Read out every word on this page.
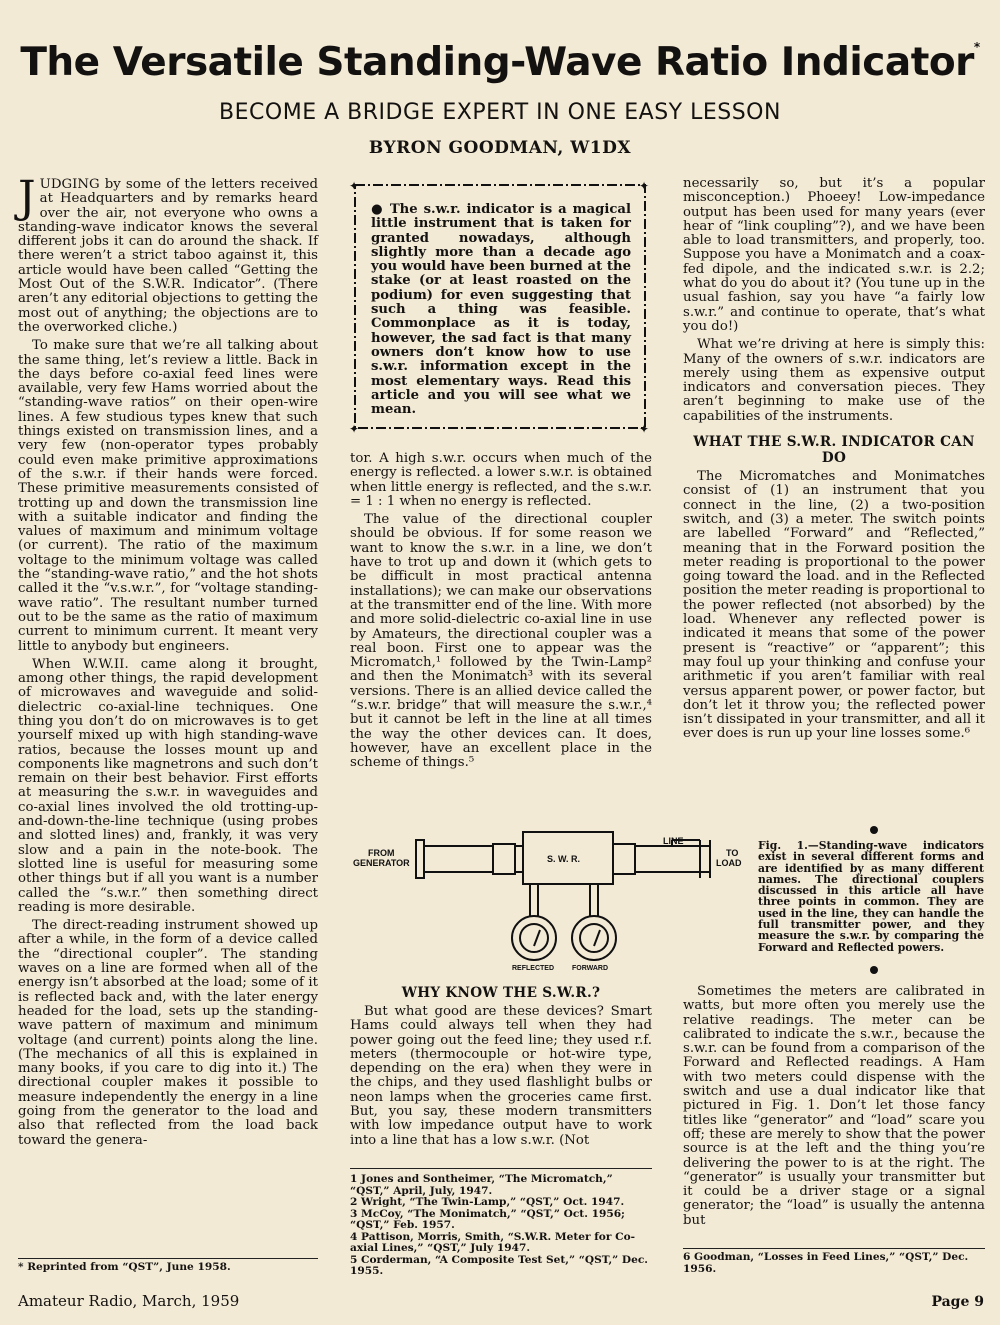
The Versatile Standing-Wave Ratio Indicator*
BECOME A BRIDGE EXPERT IN ONE EASY LESSON
BYRON GOODMAN, W1DX

JUDGING by some of the letters received at Headquarters and by remarks heard over the air, not everyone who owns a standing-wave indicator knows the several different jobs it can do around the shack. If there weren’t a strict taboo against it, this article would have been called “Getting the Most Out of the S.W.R. Indicator”. (There aren’t any editorial objections to getting the most out of anything; the objections are to the overworked cliche.)

To make sure that we’re all talking about the same thing, let’s review a little. Back in the days before co-axial feed lines were available, very few Hams worried about the “standing-wave ratios” on their open-wire lines. A few studious types knew that such things existed on transmission lines, and a very few (non-operator types probably could even make primitive approximations of the s.w.r. if their hands were forced. These primitive measurements consisted of trotting up and down the transmission line with a suitable indicator and finding the values of maximum and minimum voltage (or current). The ratio of the maximum voltage to the minimum voltage was called the “standing-wave ratio,” and the hot shots called it the “v.s.w.r.”, for “voltage standing-wave ratio”. The resultant number turned out to be the same as the ratio of maximum current to minimum current. It meant very little to anybody but engineers.

When W.W.II. came along it brought, among other things, the rapid development of microwaves and waveguide and solid-dielectric co-axial-line techniques. One thing you don’t do on microwaves is to get yourself mixed up with high standing-wave ratios, because the losses mount up and components like magnetrons and such don’t remain on their best behavior. First efforts at measuring the s.w.r. in waveguides and co-axial lines involved the old trotting-up-and-down-the-line technique (using probes and slotted lines) and, frankly, it was very slow and a pain in the note-book. The slotted line is useful for measuring some other things but if all you want is a number called the “s.w.r.” then something direct reading is more desirable.

The direct-reading instrument showed up after a while, in the form of a device called the “directional coupler”. The standing waves on a line are formed when all of the energy isn’t absorbed at the load; some of it is reflected back and, with the later energy headed for the load, sets up the standing-wave pattern of maximum and minimum voltage (and current) points along the line. (The mechanics of all this is explained in many books, if you care to dig into it.) The directional coupler makes it possible to measure independently the energy in a line going from the generator to the load and also that reflected from the load back toward the genera-

✦	✦
✦	✦
● The s.w.r. indicator is a magical little instrument that is taken for granted nowadays, although slightly more than a decade ago you would have been burned at the stake (or at least roasted on the podium) for even suggesting that such a thing was feasible. Commonplace as it is today, however, the sad fact is that many owners don’t know how to use s.w.r. information except in the most elementary ways. Read this article and you will see what we mean.

tor. A high s.w.r. occurs when much of the energy is reflected. a lower s.w.r. is obtained when little energy is reflected, and the s.w.r. = 1 : 1 when no energy is reflected.

The value of the directional coupler should be obvious. If for some reason we want to know the s.w.r. in a line, we don’t have to trot up and down it (which gets to be difficult in most practical antenna installations); we can make our observations at the transmitter end of the line. With more and more solid-dielectric co-axial line in use by Amateurs, the directional coupler was a real boon. First one to appear was the Micromatch,¹ followed by the Twin-Lamp² and then the Monimatch³ with its several versions. There is an allied device called the “s.w.r. bridge” that will measure the s.w.r.,⁴ but it cannot be left in the line at all times the way the other devices can. It does, however, have an excellent place in the scheme of things.⁵

FROM
GENERATOR	S. W. R.
LINE
TO
LOAD
REFLECTED	FORWARD
Fig. 1.—Standing-wave indicators exist in several different forms and are identified by as many different names. The directional couplers discussed in this article all have three points in common. They are used in the line, they can handle the full transmitter power, and they measure the s.w.r. by comparing the Forward and Reflected powers.
WHY KNOW THE S.W.R.?

But what good are these devices? Smart Hams could always tell when they had power going out the feed line; they used r.f. meters (thermocouple or hot-wire type, depending on the era) when they were in the chips, and they used flashlight bulbs or neon lamps when the groceries came first. But, you say, these modern transmitters with low impedance output have to work into a line that has a low s.w.r. (Not

necessarily so, but it’s a popular misconception.) Phoeey! Low-impedance output has been used for many years (ever hear of “link coupling”?), and we have been able to load transmitters, and properly, too. Suppose you have a Monimatch and a coax-fed dipole, and the indicated s.w.r. is 2.2; what do you do about it? (You tune up in the usual fashion, say you have “a fairly low s.w.r.” and continue to operate, that’s what you do!)

What we’re driving at here is simply this: Many of the owners of s.w.r. indicators are merely using them as expensive output indicators and conversation pieces. They aren’t beginning to make use of the capabilities of the instruments.

WHAT THE S.W.R. INDICATOR CAN DO

The Micromatches and Monimatches consist of (1) an instrument that you connect in the line, (2) a two-position switch, and (3) a meter. The switch points are labelled “Forward” and “Reflected,” meaning that in the Forward position the meter reading is proportional to the power going toward the load. and in the Reflected position the meter reading is proportional to the power reflected (not absorbed) by the load. Whenever any reflected power is indicated it means that some of the power present is “reactive” or “apparent”; this may foul up your thinking and confuse your arithmetic if you aren’t familiar with real versus apparent power, or power factor, but don’t let it throw you; the reflected power isn’t dissipated in your transmitter, and all it ever does is run up your line losses some.⁶

Sometimes the meters are calibrated in watts, but more often you merely use the relative readings. The meter can be calibrated to indicate the s.w.r., because the s.w.r. can be found from a comparison of the Forward and Reflected readings. A Ham with two meters could dispense with the switch and use a dual indicator like that pictured in Fig. 1. Don’t let those fancy titles like “generator” and “load” scare you off; these are merely to show that the power source is at the left and the thing you’re delivering the power to is at the right. The “generator” is usually your transmitter but it could be a driver stage or a signal generator; the “load” is usually the antenna but

* Reprinted from “QST”, June 1958.
1 Jones and Sontheimer, “The Micromatch,” “QST,” April, July, 1947.
2 Wright, “The Twin-Lamp,” “QST,” Oct. 1947.
3 McCoy, “The Monimatch,” “QST,” Oct. 1956; “QST,” Feb. 1957.
4 Pattison, Morris, Smith, “S.W.R. Meter for Co-axial Lines,” “QST,” July 1947.
5 Corderman, “A Composite Test Set,” “QST,” Dec. 1955.
6 Goodman, “Losses in Feed Lines,” “QST,” Dec. 1956.
Amateur Radio, March, 1959	Page 9
